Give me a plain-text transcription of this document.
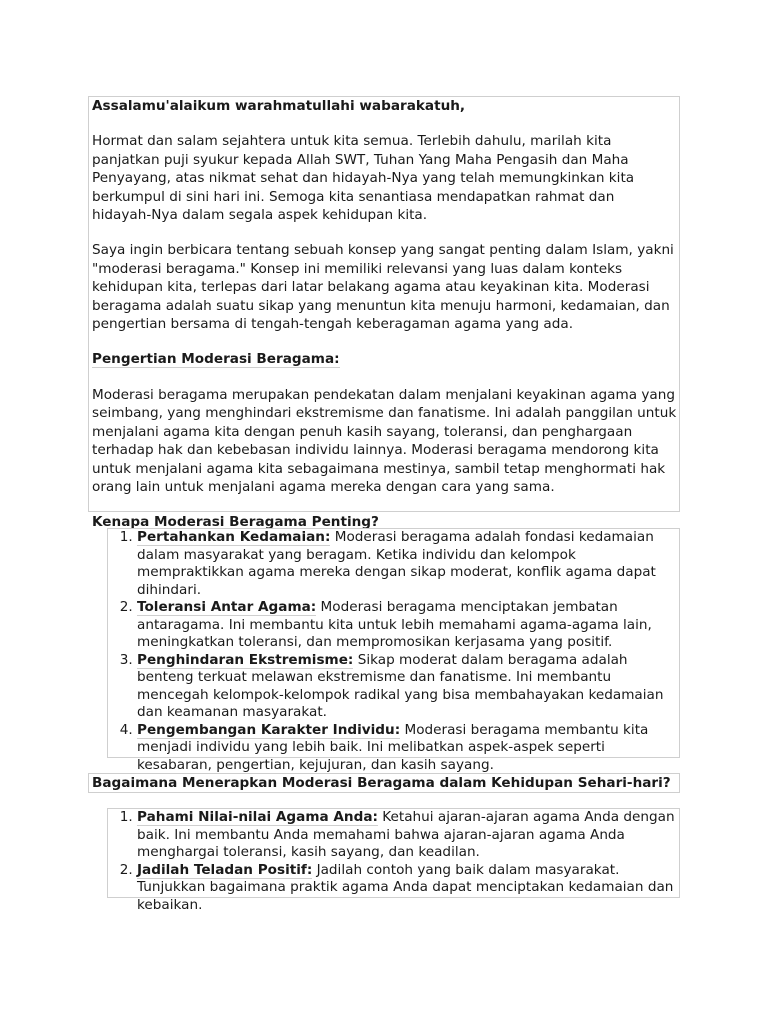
Assalamu'alaikum warahmatullahi wabarakatuh,

Hormat dan salam sejahtera untuk kita semua. Terlebih dahulu, marilah kita panjatkan puji syukur kepada Allah SWT, Tuhan Yang Maha Pengasih dan Maha Penyayang, atas nikmat sehat dan hidayah-Nya yang telah memungkinkan kita berkumpul di sini hari ini. Semoga kita senantiasa mendapatkan rahmat dan hidayah-Nya dalam segala aspek kehidupan kita.

Saya ingin berbicara tentang sebuah konsep yang sangat penting dalam Islam, yakni "moderasi beragama." Konsep ini memiliki relevansi yang luas dalam konteks kehidupan kita, terlepas dari latar belakang agama atau keyakinan kita. Moderasi beragama adalah suatu sikap yang menuntun kita menuju harmoni, kedamaian, dan pengertian bersama di tengah-tengah keberagaman agama yang ada.

Pengertian Moderasi Beragama:

Moderasi beragama merupakan pendekatan dalam menjalani keyakinan agama yang seimbang, yang menghindari ekstremisme dan fanatisme. Ini adalah panggilan untuk menjalani agama kita dengan penuh kasih sayang, toleransi, dan penghargaan terhadap hak dan kebebasan individu lainnya. Moderasi beragama mendorong kita untuk menjalani agama kita sebagaimana mestinya, sambil tetap menghormati hak orang lain untuk menjalani agama mereka dengan cara yang sama.

Kenapa Moderasi Beragama Penting?

1. Pertahankan Kedamaian: Moderasi beragama adalah fondasi kedamaian dalam masyarakat yang beragam. Ketika individu dan kelompok mempraktikkan agama mereka dengan sikap moderat, konflik agama dapat dihindari.
2. Toleransi Antar Agama: Moderasi beragama menciptakan jembatan antaragama. Ini membantu kita untuk lebih memahami agama-agama lain, meningkatkan toleransi, dan mempromosikan kerjasama yang positif.
3. Penghindaran Ekstremisme: Sikap moderat dalam beragama adalah benteng terkuat melawan ekstremisme dan fanatisme. Ini membantu mencegah kelompok-kelompok radikal yang bisa membahayakan kedamaian dan keamanan masyarakat.
4. Pengembangan Karakter Individu: Moderasi beragama membantu kita menjadi individu yang lebih baik. Ini melibatkan aspek-aspek seperti kesabaran, pengertian, kejujuran, dan kasih sayang.

Bagaimana Menerapkan Moderasi Beragama dalam Kehidupan Sehari-hari?

1. Pahami Nilai-nilai Agama Anda: Ketahui ajaran-ajaran agama Anda dengan baik. Ini membantu Anda memahami bahwa ajaran-ajaran agama Anda menghargai toleransi, kasih sayang, dan keadilan.
2. Jadilah Teladan Positif: Jadilah contoh yang baik dalam masyarakat. Tunjukkan bagaimana praktik agama Anda dapat menciptakan kedamaian dan kebaikan.
